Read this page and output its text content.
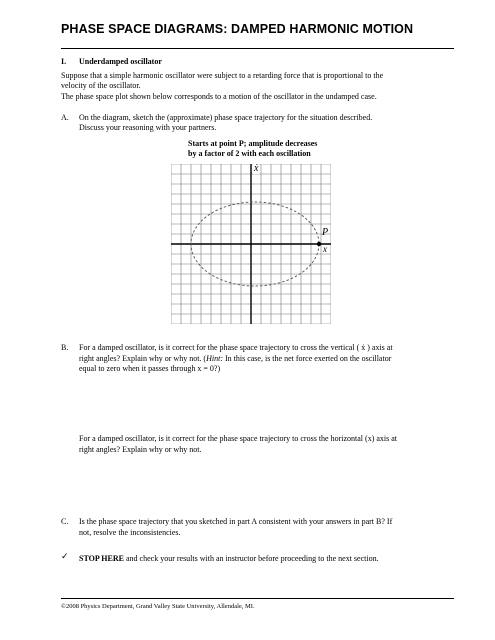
PHASE SPACE DIAGRAMS: DAMPED HARMONIC MOTION
I. Underdamped oscillator
Suppose that a simple harmonic oscillator were subject to a retarding force that is proportional to the
velocity of the oscillator.
The phase space plot shown below corresponds to a motion of the oscillator in the undamped case.
A. On the diagram, sketch the (approximate) phase space trajectory for the situation described.
Discuss your reasoning with your partners.
Starts at point P; amplitude decreases
by a factor of 2 with each oscillation
ẋ
P
x
B. For a damped oscillator, is it correct for the phase space trajectory to cross the vertical ( ẋ ) axis at
right angles? Explain why or why not. (Hint: In this case, is the net force exerted on the oscillator
equal to zero when it passes through x = 0?)
For a damped oscillator, is it correct for the phase space trajectory to cross the horizontal (x) axis at
right angles? Explain why or why not.
C. Is the phase space trajectory that you sketched in part A consistent with your answers in part B? If
not, resolve the inconsistencies.
✓ STOP HERE and check your results with an instructor before proceeding to the next section.
©2008 Physics Department, Grand Valley State University, Allendale, MI.
